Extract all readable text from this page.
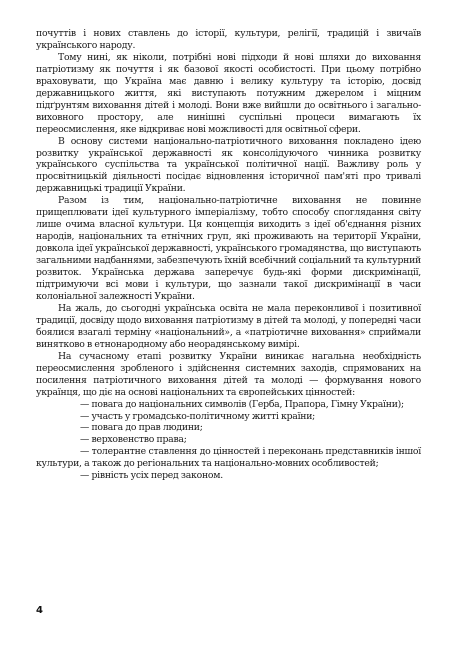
почуттів і нових ставлень до історії, культури, релігії, традицій і звичаїв українського народу.

Тому нині, як ніколи, потрібні нові підходи й нові шляхи до виховання патріотизму як почуття і як базової якості особистості. При цьому потрібно враховувати, що Україна має давню і велику культуру та історію, досвід державницького життя, які виступають потужним джерелом і міцним підґрунтям виховання дітей і молоді. Вони вже вийшли до освітнього і загально-виховного простору, але нинішні суспільні процеси вимагають їх переосмислення, яке відкриває нові можливості для освітньої сфери.

В основу системи національно-патріотичного виховання покладено ідею розвитку української державності як консолідуючого чинника розвитку українського суспільства та української політичної нації. Важливу роль у просвітницькій діяльності посідає відновлення історичної пам'яті про тривалі державницькі традиції України.

Разом із тим, національно-патріотичне виховання не повинне прищеплювати ідеї культурного імперіалізму, тобто способу споглядання світу лише очима власної культури. Ця концепція виходить з ідеї об'єднання різних народів, національних та етнічних груп, які проживають на території України, довкола ідеї української державності, українського громадянства, що виступають загальними надбаннями, забезпечують їхній всебічний соціальний та культурний розвиток. Українська держава заперечує будь-які форми дискримінації, підтримуючи всі мови і культури, що зазнали такої дискримінації в часи колоніальної залежності України.

На жаль, до сьогодні українська освіта не мала переконливої і позитивної традиції, досвіду щодо виховання патріотизму в дітей та молоді, у попередні часи боялися взагалі терміну «національний», а «патріотичне виховання» сприймали винятково в етнонародному або неорадянському вимірі.

На сучасному етапі розвитку України виникає нагальна необхідність переосмислення зробленого і здійснення системних заходів, спрямованих на посилення патріотичного виховання дітей та молоді — формування нового українця, що діє на основі національних та європейських цінностей:

— повага до національних символів (Герба, Прапора, Гімну України);

— участь у громадсько-політичному житті країни;

— повага до прав людини;

— верховенство права;

— толерантне ставлення до цінностей і переконань представників іншої культури, а також до регіональних та національно-мовних особливостей;

— рівність усіх перед законом.

4
